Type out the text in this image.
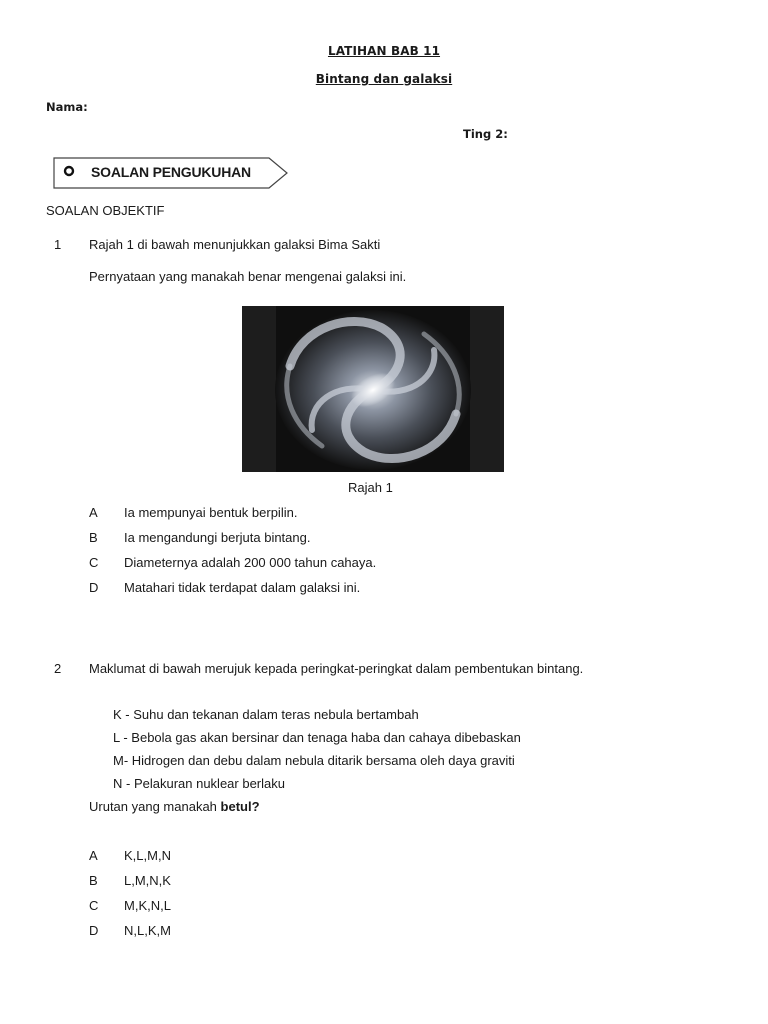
LATIHAN BAB 11
Bintang dan galaksi
Nama:
Ting 2:
SOALAN PENGUKUHAN
SOALAN OBJEKTIF
1 Rajah 1 di bawah menunjukkan galaksi Bima Sakti
Pernyataan yang manakah benar mengenai galaksi ini.
Rajah 1
A Ia mempunyai bentuk berpilin.
B Ia mengandungi berjuta bintang.
C Diameternya adalah 200 000 tahun cahaya.
D Matahari tidak terdapat dalam galaksi ini.
2 Maklumat di bawah merujuk kepada peringkat-peringkat dalam pembentukan bintang.
K - Suhu dan tekanan dalam teras nebula bertambah
L - Bebola gas akan bersinar dan tenaga haba dan cahaya dibebaskan
M- Hidrogen dan debu dalam nebula ditarik bersama oleh daya graviti
N - Pelakuran nuklear berlaku
Urutan yang manakah betul?
A K,L,M,N
B L,M,N,K
C M,K,N,L
D N,L,K,M
